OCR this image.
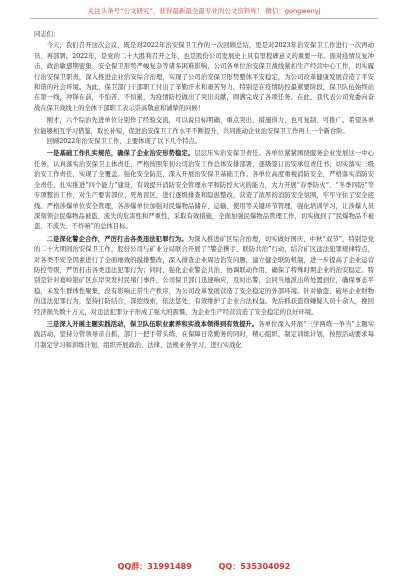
关注头条号“公文研究”，获得最新最全最专业的公文资料库！ 微信：gongwenyj

同志们：

今天，我们召开这次会议，既是对2022年治安保卫工作的一次回顾总结，更是对2023年治安保卫工作进行一次再动员、再部署。2022年，是党的二十大胜利召开之年，也是股份公司发展史上具有里程碑意义的重要一年。面对疫情反复冲击、政治敏感期密集、安全保卫形势严峻复杂等诸多困难影响，公司各单位治安保卫战线紧扣生产经营中心工作，切实履行治安保卫职责，深入推进企业治安综合治理，实现了公司治安保卫形势整体平安稳定，为公司改革健康发展营造了平安和谐的社会环境。为此，保卫部门干部职工付出了辛勤汗水和艰苦努力，特别是在疫情防控最紧要阶段，保卫队伍始终站在第一线，冲锋在前，不怕苦、不怕累，为疫情防控做出了突出贡献，圆满完成了各项任务。在此，我代表公司党委向奋战在保卫战线上的全体干部职工表示崇高敬意和诚挚的问候！

刚才，六个综治先进单位分别作了经验交流，可以说目标明确、重点突出、措施得力，也可复制、可推广。希望各单位能够相互学习借鉴，取长补短，促进治安保卫工作水平不断提升，共同推动企业治安保卫工作再上一个新台阶。

回顾2022年治安保卫工作，主要体现了以下几个特点。

一是基础工作扎实规范，确保了企业治安形势稳定。层层压实治安保卫责任。各单位紧紧围绕服务企业发展这一中心任务，认真落实治安保卫主体责任，严格按照年初公司治安工作总体安排部署，逐级签订治安承包责任书，切实落实三级治安工作责任，实现了全覆盖。强化安全防范，深入开展治安保卫基础工作。各单位高度重视消防安全，严格落实消防安全责任，扎实推进“四个能力”建设，有效提升消防安全管理水平和防控火灾的能力，大力开展“春季防火”、“冬季四防”等专项整治工作，对生产要害部位、死角盲区，进行逐级排查和隐患整改，营造了浓厚的消防安全氛围，牢牢守住了安全底线。严格涉爆单位安全管理，各涉爆单位加强对民爆物品储存、运输、使用等关键环节管理，强化培训学习，让涉爆人员深刻领会民爆物品被盗、流失的危害性和严重性，采取有效措施，全面加强民爆物品管理工作，切实做到了“民爆物品不被盗、不流失、不炸响”的总体目标。

二是深化警企合作，严厉打击各类违法犯罪行为。为深入推进矿区综合治理，切实做好国庆、中秋“双节”，特别是党的二十大期间治安保卫工作，股份公司与矿业分局联合开展了“警企携手、联防共治”行动，结合矿区违法犯罪规律特点，对各类不安全因素进行了全面细致的摸排整改，深入排查企业周边治安问题，建立健全联防机制，进一步提高了企业运营防控等级，严厉打击各类违法犯罪行为；同时，强化企业警企共治、协调联动作用，确保了特殊时期企业的治安稳定。特别是针对葛岭银矿区东岸突发村民堵门事件，公司保卫部门迅速响应，及时出警，会同当地派出所处置到位，确保事态平稳，未发生群体性聚集，没有影响正常生产秩序，为公司改革发展营造了安全稳定的外部环境。针对偷盗、破坏企业财物的违法犯罪行为，坚持打防结合，深挖线索，依法惩处，有效维护了企业合法权益。先后抓获盗窃嫌疑人员十余人，挽回经济损失数十万元，对违法犯罪分子形成了强大的震慑，为企业生产经营营造了安全稳定的良好环境。

三是深入开展主题实践活动，保卫队伍职业素养和实战本领得到有效提升。各单位深入开展“三学两练一争当”主题实践活动，坚持分管领导亲自抓，部门一把手带头练，在保障日常勤务的同时，精心组织、制定训练计划，按照活动要求每月制定学习和训练计划，组织开展政治、法律、法规业务学习，进行实战化

QQ群：31991489	QQ：535304092
